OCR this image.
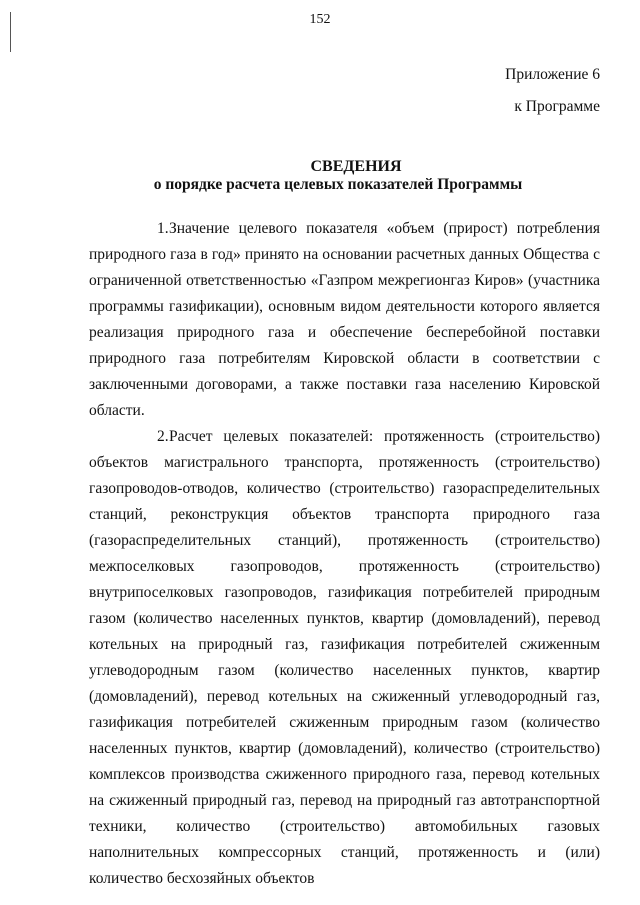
152
Приложение 6
к Программе
СВЕДЕНИЯ
о порядке расчета целевых показателей Программы

1.Значение целевого показателя «объем (прирост) потребления природного газа в год» принято на основании расчетных данных Общества с ограниченной ответственностью «Газпром межрегионгаз Киров» (участника программы газификации), основным видом деятельности которого является реализация природного газа и обеспечение бесперебойной поставки природного газа потребителям Кировской области в соответствии с заключенными договорами, а также поставки газа населению Кировской области.

2.Расчет целевых показателей: протяженность (строительство) объектов магистрального транспорта, протяженность (строительство) газопроводов-отводов, количество (строительство) газораспределительных станций, реконструкция объектов транспорта природного газа (газораспределительных станций), протяженность (строительство) межпоселковых газопроводов, протяженность (строительство) внутрипоселковых газопроводов, газификация потребителей природным газом (количество населенных пунктов, квартир (домовладений), перевод котельных на природный газ, газификация потребителей сжиженным углеводородным газом (количество населенных пунктов, квартир (домовладений), перевод котельных на сжиженный углеводородный газ, газификация потребителей сжиженным природным газом (количество населенных пунктов, квартир (домовладений), количество (строительство) комплексов производства сжиженного природного газа, перевод котельных на сжиженный природный газ, перевод на природный газ автотранспортной техники, количество (строительство) автомобильных газовых наполнительных компрессорных станций, протяженность и (или) количество бесхозяйных объектов
